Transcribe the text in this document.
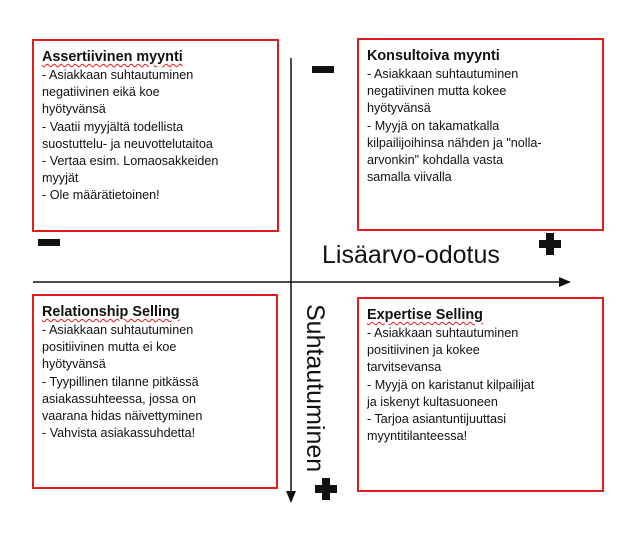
Lisäarvo-odotus
Suhtautuminen
Assertiivinen myynti
- Asiakkaan suhtautuminen
negatiivinen eikä koe
hyötyvänsä
- Vaatii myyjältä todellista
suostuttelu- ja neuvottelutaitoa
- Vertaa esim. Lomaosakkeiden
myyjät
- Ole määrätietoinen!
Konsultoiva myynti
- Asiakkaan suhtautuminen
negatiivinen mutta kokee
hyötyvänsä
- Myyjä on takamatkalla
kilpailijoihinsa nähden ja "nolla-
arvonkin" kohdalla vasta
samalla viivalla
Relationship Selling
- Asiakkaan suhtautuminen
positiivinen mutta ei koe
hyötyvänsä
- Tyypillinen tilanne pitkässä
asiakassuhteessa, jossa on
vaarana hidas näivettyminen
- Vahvista asiakassuhdetta!
Expertise Selling
- Asiakkaan suhtautuminen
positiivinen ja kokee
tarvitsevansa
- Myyjä on karistanut kilpailijat
ja iskenyt kultasuoneen
- Tarjoa asiantuntijuuttasi
myyntitilanteessa!
